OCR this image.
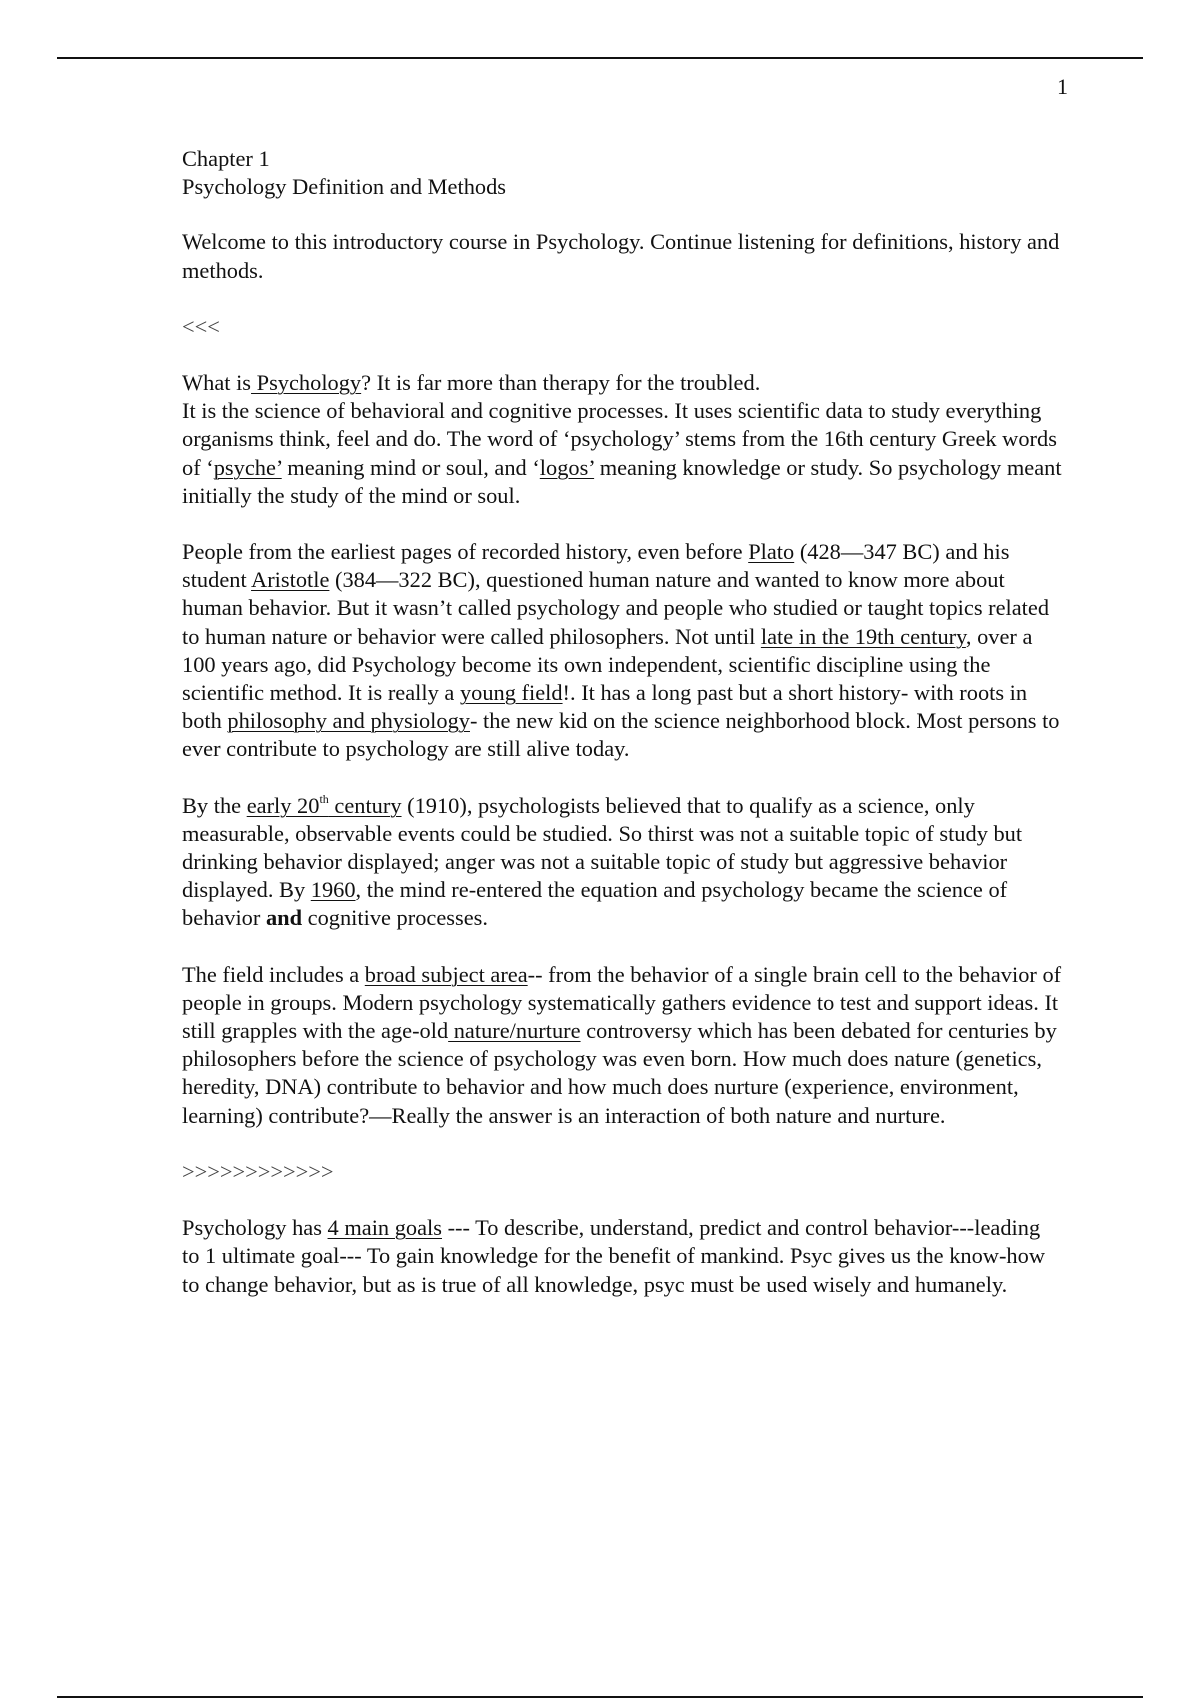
1
Chapter 1
Psychology Definition and Methods

Welcome to this introductory course in Psychology. Continue listening for definitions, history and methods.

<<<

What is Psychology? It is far more than therapy for the troubled.
It is the science of behavioral and cognitive processes. It uses scientific data to study everything organisms think, feel and do. The word of ‘psychology’ stems from the 16th century Greek words of ‘psyche’ meaning mind or soul, and ‘logos’ meaning knowledge or study. So psychology meant initially the study of the mind or soul.

People from the earliest pages of recorded history, even before Plato (428—347 BC) and his student Aristotle (384—322 BC), questioned human nature and wanted to know more about human behavior. But it wasn’t called psychology and people who studied or taught topics related to human nature or behavior were called philosophers. Not until late in the 19th century, over a 100 years ago, did Psychology become its own independent, scientific discipline using the scientific method. It is really a young field!. It has a long past but a short history- with roots in both philosophy and physiology- the new kid on the science neighborhood block. Most persons to ever contribute to psychology are still alive today.

By the early 20th century (1910), psychologists believed that to qualify as a science, only measurable, observable events could be studied. So thirst was not a suitable topic of study but drinking behavior displayed; anger was not a suitable topic of study but aggressive behavior displayed. By 1960, the mind re-entered the equation and psychology became the science of behavior and cognitive processes.

The field includes a broad subject area-- from the behavior of a single brain cell to the behavior of people in groups. Modern psychology systematically gathers evidence to test and support ideas. It still grapples with the age-old nature/nurture controversy which has been debated for centuries by philosophers before the science of psychology was even born. How much does nature (genetics, heredity, DNA) contribute to behavior and how much does nurture (experience, environment, learning) contribute?—Really the answer is an interaction of both nature and nurture.

>>>>>>>>>>>>

Psychology has 4 main goals --- To describe, understand, predict and control behavior---leading to 1 ultimate goal--- To gain knowledge for the benefit of mankind. Psyc gives us the know-how to change behavior, but as is true of all knowledge, psyc must be used wisely and humanely.
